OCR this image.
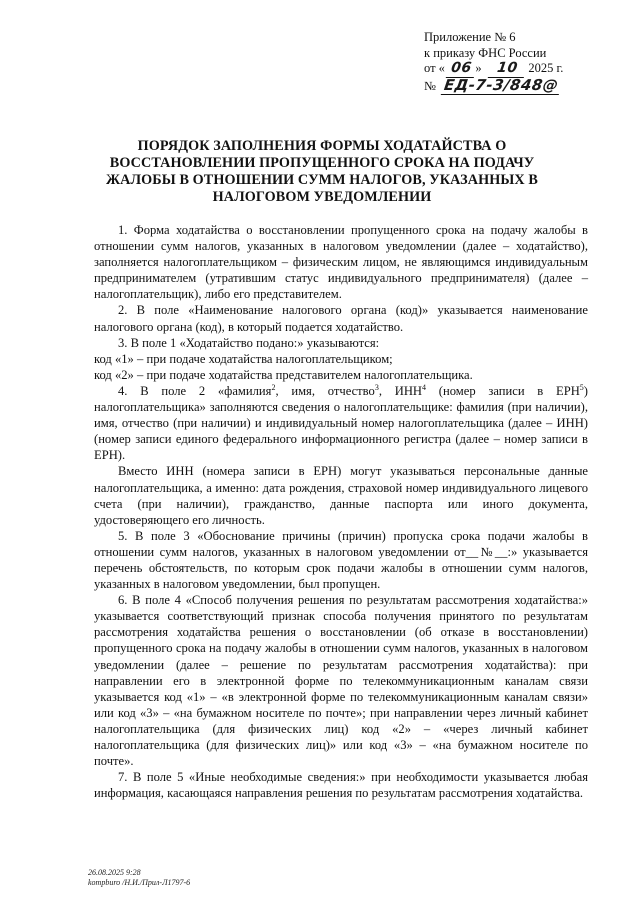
Приложение № 6
к приказу ФНС России
от « 06 » 10 2025 г.
№ ЕД-7-3/848@
ПОРЯДОК ЗАПОЛНЕНИЯ ФОРМЫ ХОДАТАЙСТВА О ВОССТАНОВЛЕНИИ ПРОПУЩЕННОГО СРОКА НА ПОДАЧУ ЖАЛОБЫ В ОТНОШЕНИИ СУММ НАЛОГОВ, УКАЗАННЫХ В НАЛОГОВОМ УВЕДОМЛЕНИИ

1. Форма ходатайства о восстановлении пропущенного срока на подачу жалобы в отношении сумм налогов, указанных в налоговом уведомлении (далее – ходатайство), заполняется налогоплательщиком – физическим лицом, не являющимся индивидуальным предпринимателем (утратившим статус индивидуального предпринимателя) (далее – налогоплательщик), либо его представителем.

2. В поле «Наименование налогового органа (код)» указывается наименование налогового органа (код), в который подается ходатайство.

3. В поле 1 «Ходатайство подано:» указываются:

код «1» – при подаче ходатайства налогоплательщиком;

код «2» – при подаче ходатайства представителем налогоплательщика.

4. В поле 2 «фамилия$^2$, имя, отчество$^3$, ИНН$^4$ (номер записи в ЕРН$^5$) налогоплательщика» заполняются сведения о налогоплательщике: фамилия (при наличии), имя, отчество (при наличии) и индивидуальный номер налогоплательщика (далее – ИНН) (номер записи единого федерального информационного регистра (далее – номер записи в ЕРН).

Вместо ИНН (номера записи в ЕРН) могут указываться персональные данные налогоплательщика, а именно: дата рождения, страховой номер индивидуального лицевого счета (при наличии), гражданство, данные паспорта или иного документа, удостоверяющего его личность.

5. В поле 3 «Обоснование причины (причин) пропуска срока подачи жалобы в отношении сумм налогов, указанных в налоговом уведомлении от__№__:» указывается перечень обстоятельств, по которым срок подачи жалобы в отношении сумм налогов, указанных в налоговом уведомлении, был пропущен.

6. В поле 4 «Способ получения решения по результатам рассмотрения ходатайства:» указывается соответствующий признак способа получения принятого по результатам рассмотрения ходатайства решения о восстановлении (об отказе в восстановлении) пропущенного срока на подачу жалобы в отношении сумм налогов, указанных в налоговом уведомлении (далее – решение по результатам рассмотрения ходатайства): при направлении его в электронной форме по телекоммуникационным каналам связи указывается код «1» – «в электронной форме по телекоммуникационным каналам связи» или код «3» – «на бумажном носителе по почте»; при направлении через личный кабинет налогоплательщика (для физических лиц) код «2» – «через личный кабинет налогоплательщика (для физических лиц)» или код «3» – «на бумажном носителе по почте».

7. В поле 5 «Иные необходимые сведения:» при необходимости указывается любая информация, касающаяся направления решения по результатам рассмотрения ходатайства.

26.08.2025 9:28
kompburo /Н.И./Прил-Л1797-6
